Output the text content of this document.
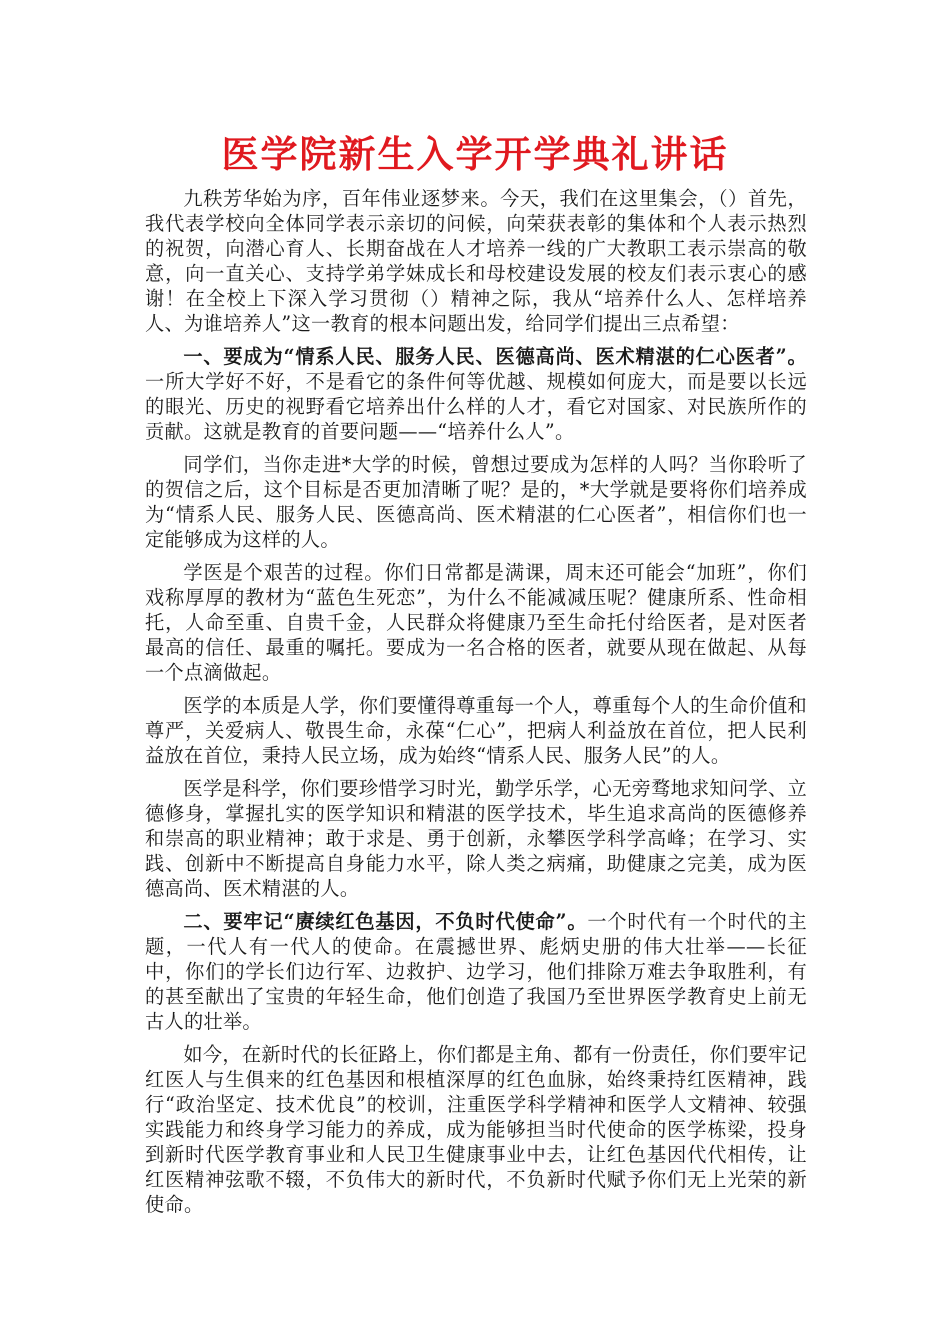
医学院新生入学开学典礼讲话

九秩芳华始为序，百年伟业逐梦来。今天，我们在这里集会，（）首先，我代表学校向全体同学表示亲切的问候，向荣获表彰的集体和个人表示热烈的祝贺，向潜心育人、长期奋战在人才培养一线的广大教职工表示崇高的敬意，向一直关心、支持学弟学妹成长和母校建设发展的校友们表示衷心的感谢！在全校上下深入学习贯彻（）精神之际，我从“培养什么人、怎样培养人、为谁培养人”这一教育的根本问题出发，给同学们提出三点希望：

一、要成为“情系人民、服务人民、医德高尚、医术精湛的仁心医者”。一所大学好不好，不是看它的条件何等优越、规模如何庞大，而是要以长远的眼光、历史的视野看它培养出什么样的人才，看它对国家、对民族所作的贡献。这就是教育的首要问题——“培养什么人”。

同学们，当你走进*大学的时候，曾想过要成为怎样的人吗？当你聆听了的贺信之后，这个目标是否更加清晰了呢？是的，*大学就是要将你们培养成为“情系人民、服务人民、医德高尚、医术精湛的仁心医者”，相信你们也一定能够成为这样的人。

学医是个艰苦的过程。你们日常都是满课，周末还可能会“加班”，你们戏称厚厚的教材为“蓝色生死恋”，为什么不能减减压呢？健康所系、性命相托，人命至重、自贵千金，人民群众将健康乃至生命托付给医者，是对医者最高的信任、最重的嘱托。要成为一名合格的医者，就要从现在做起、从每一个点滴做起。

医学的本质是人学，你们要懂得尊重每一个人，尊重每个人的生命价值和尊严，关爱病人、敬畏生命，永葆“仁心”，把病人利益放在首位，把人民利益放在首位，秉持人民立场，成为始终“情系人民、服务人民”的人。

医学是科学，你们要珍惜学习时光，勤学乐学，心无旁骛地求知问学、立德修身，掌握扎实的医学知识和精湛的医学技术，毕生追求高尚的医德修养和崇高的职业精神；敢于求是、勇于创新，永攀医学科学高峰；在学习、实践、创新中不断提高自身能力水平，除人类之病痛，助健康之完美，成为医德高尚、医术精湛的人。

二、要牢记“赓续红色基因，不负时代使命”。一个时代有一个时代的主题，一代人有一代人的使命。在震撼世界、彪炳史册的伟大壮举——长征中，你们的学长们边行军、边救护、边学习，他们排除万难去争取胜利，有的甚至献出了宝贵的年轻生命，他们创造了我国乃至世界医学教育史上前无古人的壮举。

如今，在新时代的长征路上，你们都是主角、都有一份责任，你们要牢记红医人与生俱来的红色基因和根植深厚的红色血脉，始终秉持红医精神，践行“政治坚定、技术优良”的校训，注重医学科学精神和医学人文精神、较强实践能力和终身学习能力的养成，成为能够担当时代使命的医学栋梁，投身到新时代医学教育事业和人民卫生健康事业中去，让红色基因代代相传，让红医精神弦歌不辍，不负伟大的新时代，不负新时代赋予你们无上光荣的新使命。
